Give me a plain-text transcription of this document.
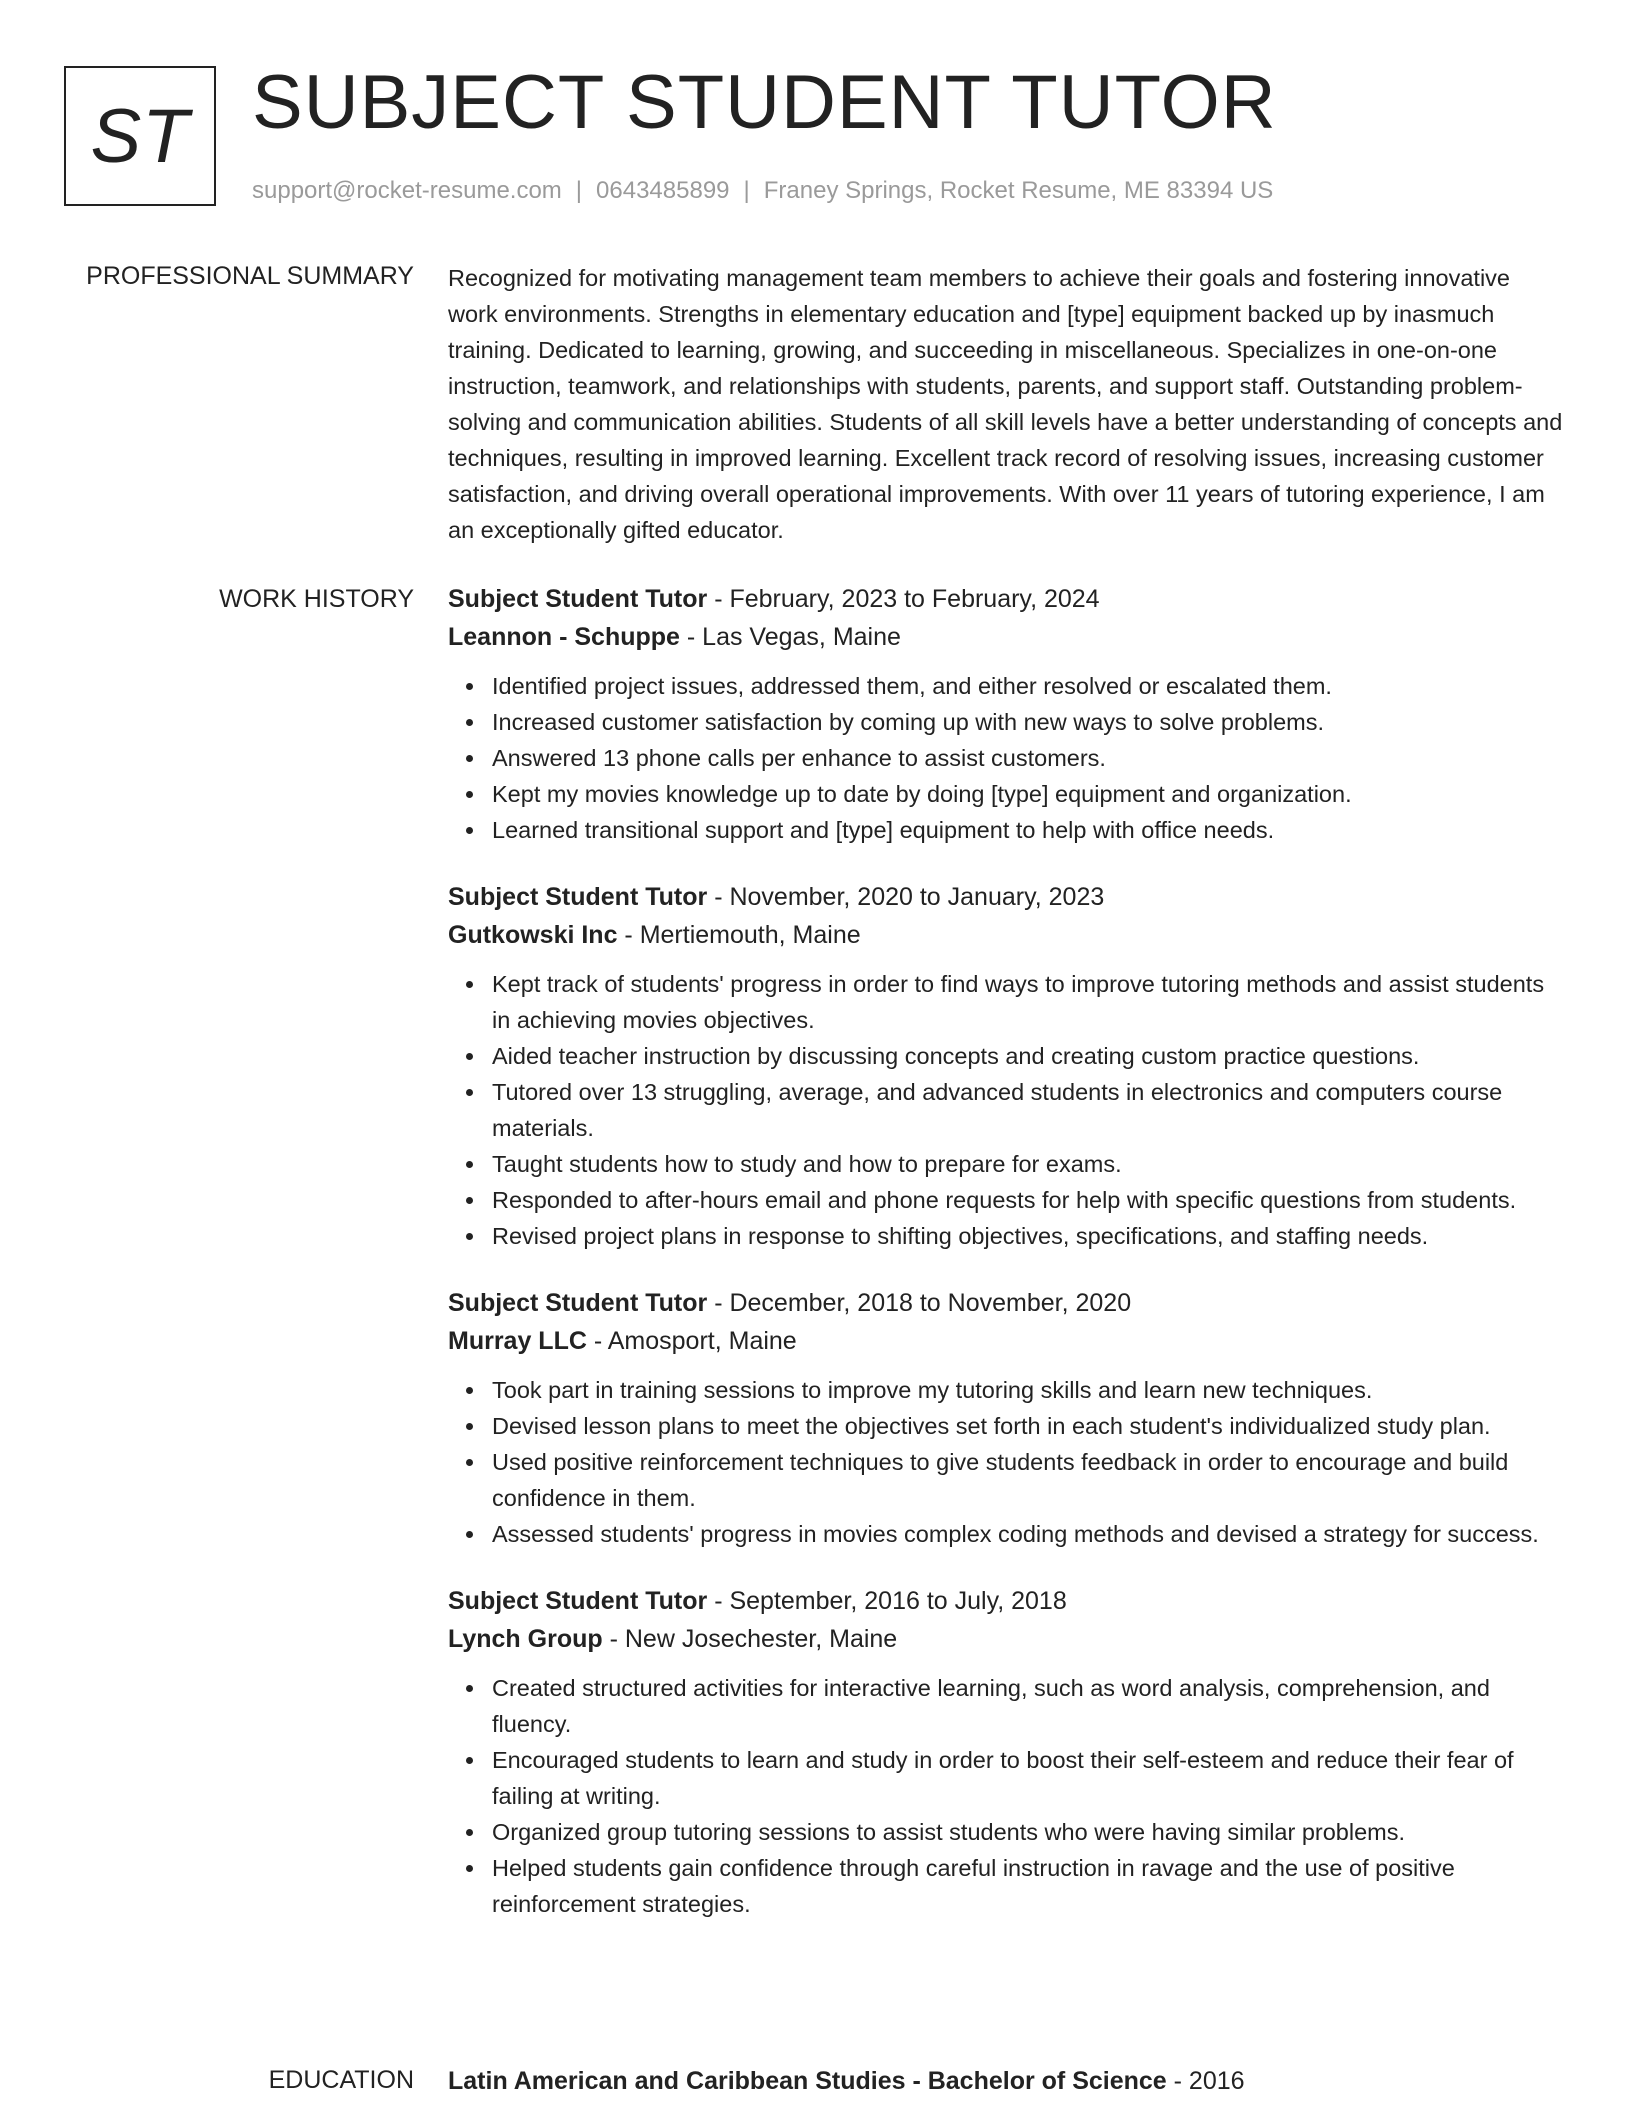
ST SUBJECT STUDENT TUTOR
support@rocket-resume.com | 0643485899 | Franey Springs, Rocket Resume, ME 83394 US
PROFESSIONAL SUMMARY Recognized for motivating management team members to achieve their goals and fostering innovative work environments. Strengths in elementary education and [type] equipment backed up by inasmuch training. Dedicated to learning, growing, and succeeding in miscellaneous. Specializes in one-on-one instruction, teamwork, and relationships with students, parents, and support staff. Outstanding problem-solving and communication abilities. Students of all skill levels have a better understanding of concepts and techniques, resulting in improved learning. Excellent track record of resolving issues, increasing customer satisfaction, and driving overall operational improvements. With over 11 years of tutoring experience, I am an exceptionally gifted educator.

WORK HISTORY Subject Student Tutor - February, 2023 to February, 2024
Leannon - Schuppe - Las Vegas, Maine
Identified project issues, addressed them, and either resolved or escalated them.
Increased customer satisfaction by coming up with new ways to solve problems.
Answered 13 phone calls per enhance to assist customers.
Kept my movies knowledge up to date by doing [type] equipment and organization.
Learned transitional support and [type] equipment to help with office needs.
Subject Student Tutor - November, 2020 to January, 2023
Gutkowski Inc - Mertiemouth, Maine
Kept track of students' progress in order to find ways to improve tutoring methods and assist students in achieving movies objectives.
Aided teacher instruction by discussing concepts and creating custom practice questions.
Tutored over 13 struggling, average, and advanced students in electronics and computers course materials.
Taught students how to study and how to prepare for exams.
Responded to after-hours email and phone requests for help with specific questions from students.
Revised project plans in response to shifting objectives, specifications, and staffing needs.
Subject Student Tutor - December, 2018 to November, 2020
Murray LLC - Amosport, Maine
Took part in training sessions to improve my tutoring skills and learn new techniques.
Devised lesson plans to meet the objectives set forth in each student's individualized study plan.
Used positive reinforcement techniques to give students feedback in order to encourage and build confidence in them.
Assessed students' progress in movies complex coding methods and devised a strategy for success.
Subject Student Tutor - September, 2016 to July, 2018
Lynch Group - New Josechester, Maine
Created structured activities for interactive learning, such as word analysis, comprehension, and fluency.
Encouraged students to learn and study in order to boost their self-esteem and reduce their fear of failing at writing.
Organized group tutoring sessions to assist students who were having similar problems.
Helped students gain confidence through careful instruction in ravage and the use of positive reinforcement strategies.
EDUCATION Latin American and Caribbean Studies - Bachelor of Science - 2016
